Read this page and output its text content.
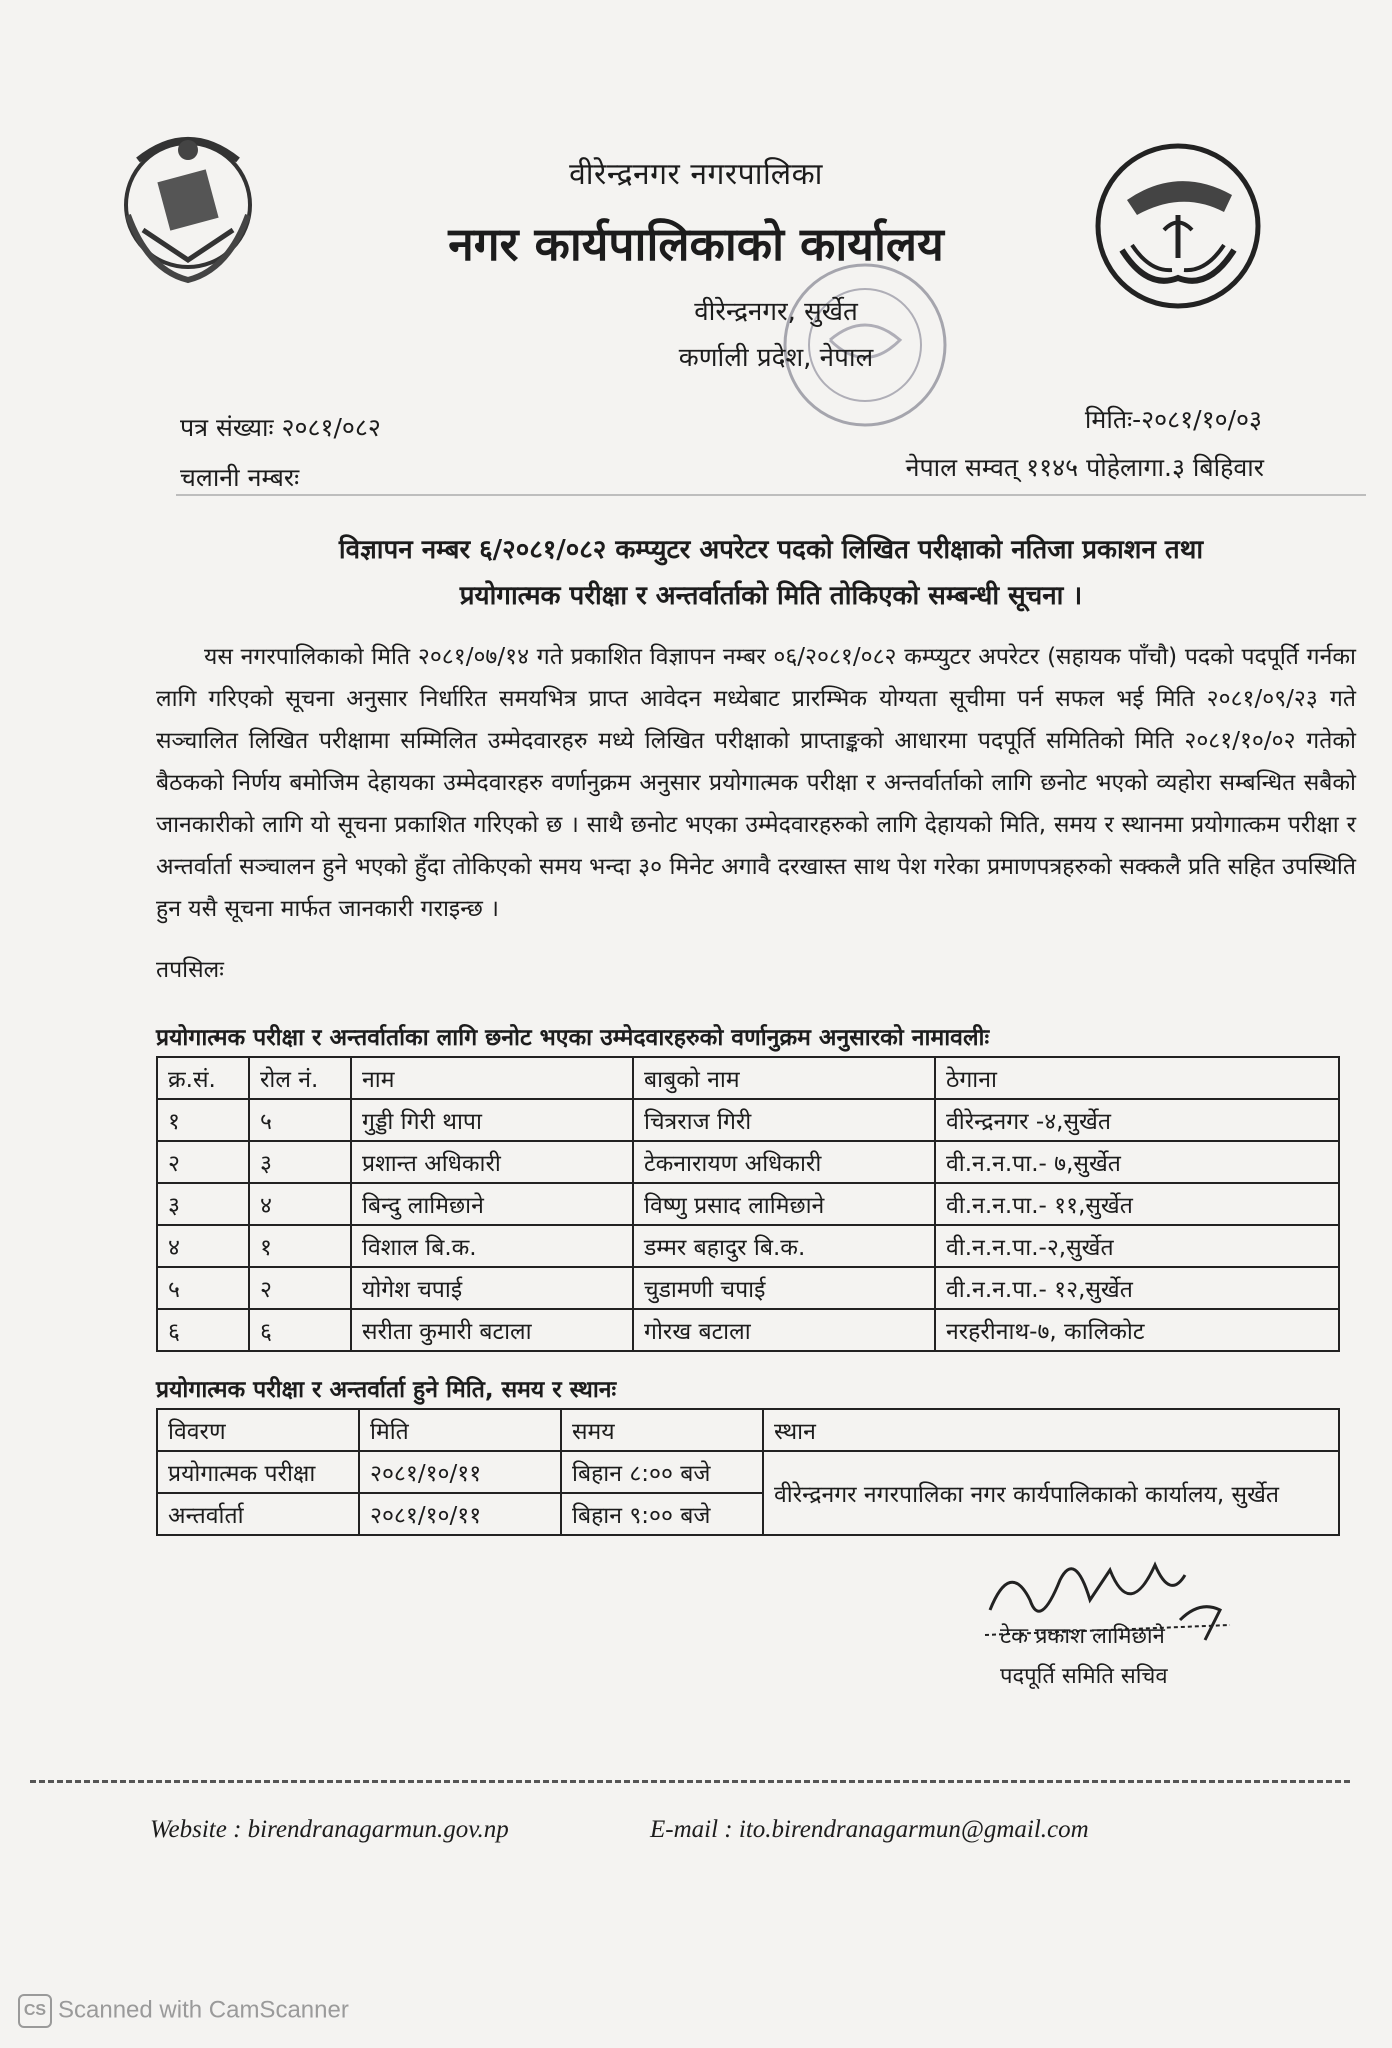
वीरेन्द्रनगर नगरपालिका
नगर कार्यपालिकाको कार्यालय
वीरेन्द्रनगर, सुर्खेत
कर्णाली प्रदेश, नेपाल
पत्र संख्याः २०८१/०८२
चलानी नम्बरः
मितिः-२०८१/१०/०३
नेपाल सम्वत् ११४५ पोहेलागा.३ बिहिवार
विज्ञापन नम्बर ६/२०८१/०८२ कम्प्युटर अपरेटर पदको लिखित परीक्षाको नतिजा प्रकाशन तथा
प्रयोगात्मक परीक्षा र अन्तर्वार्ताको मिति तोकिएको सम्बन्धी सूचना ।
यस नगरपालिकाको मिति २०८१/०७/१४ गते प्रकाशित विज्ञापन नम्बर ०६/२०८१/०८२ कम्प्युटर अपरेटर (सहायक पाँचौ) पदको पदपूर्ति गर्नका लागि गरिएको सूचना अनुसार निर्धारित समयभित्र प्राप्त आवेदन मध्येबाट प्रारम्भिक योग्यता सूचीमा पर्न सफल भई मिति २०८१/०९/२३ गते सञ्चालित लिखित परीक्षामा सम्मिलित उम्मेदवारहरु मध्ये लिखित परीक्षाको प्राप्ताङ्कको आधारमा पदपूर्ति समितिको मिति २०८१/१०/०२ गतेको बैठकको निर्णय बमोजिम देहायका उम्मेदवारहरु वर्णानुक्रम अनुसार प्रयोगात्मक परीक्षा र अन्तर्वार्ताको लागि छनोट भएको व्यहोरा सम्बन्धित सबैको जानकारीको लागि यो सूचना प्रकाशित गरिएको छ । साथै छनोट भएका उम्मेदवारहरुको लागि देहायको मिति, समय र स्थानमा प्रयोगात्कम परीक्षा र अन्तर्वार्ता सञ्चालन हुने भएको हुँदा तोकिएको समय भन्दा ३० मिनेट अगावै दरखास्त साथ पेश गरेका प्रमाणपत्रहरुको सक्कलै प्रति सहित उपस्थिति हुन यसै सूचना मार्फत जानकारी गराइन्छ ।
तपसिलः
प्रयोगात्मक परीक्षा र अन्तर्वार्ताका लागि छनोट भएका उम्मेदवारहरुको वर्णानुक्रम अनुसारको नामावलीः
क्र.सं.	रोल नं.	नाम	बाबुको नाम	ठेगाना
१	५	गुड्डी गिरी थापा	चित्रराज गिरी	वीरेन्द्रनगर -४,सुर्खेत
२	३	प्रशान्त अधिकारी	टेकनारायण अधिकारी	वी.न.न.पा.- ७,सुर्खेत
३	४	बिन्दु लामिछाने	विष्णु प्रसाद लामिछाने	वी.न.न.पा.- ११,सुर्खेत
४	१	विशाल बि.क.	डम्मर बहादुर बि.क.	वी.न.न.पा.-२,सुर्खेत
५	२	योगेश चपाई	चुडामणी चपाई	वी.न.न.पा.- १२,सुर्खेत
६	६	सरीता कुमारी बटाला	गोरख बटाला	नरहरीनाथ-७, कालिकोट
प्रयोगात्मक परीक्षा र अन्तर्वार्ता हुने मिति, समय र स्थानः
विवरण	मिति	समय	स्थान
प्रयोगात्मक परीक्षा	२०८१/१०/११	बिहान ८:०० बजे	वीरेन्द्रनगर नगरपालिका नगर कार्यपालिकाको कार्यालय, सुर्खेत
अन्तर्वार्ता	२०८१/१०/११	बिहान ९:०० बजे	
टेक प्रकाश लामिछाने
पदपूर्ति समिति सचिव
Website : birendranagarmun.gov.np	E-mail : ito.birendranagarmun@gmail.com
CS Scanned with CamScanner
